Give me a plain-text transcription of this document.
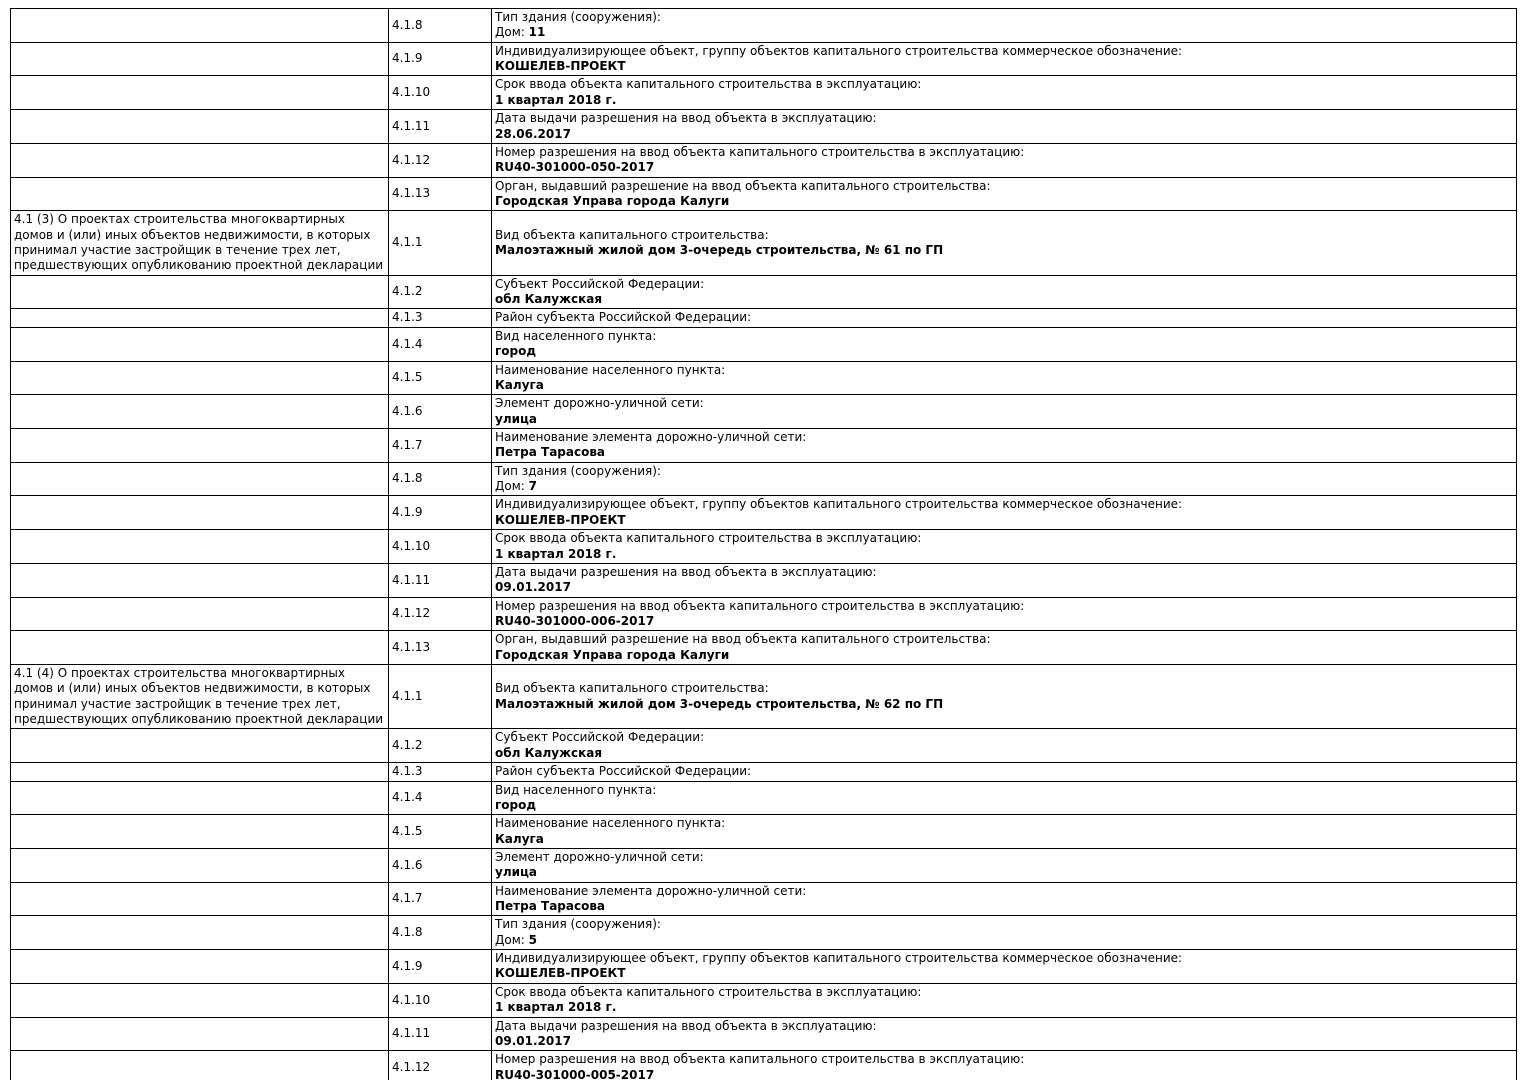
	4.1.8	Тип здания (сооружения):
Дом: 11

	4.1.9	Индивидуализирующее объект, группу объектов капитального строительства коммерческое обозначение:
КОШЕЛЕВ-ПРОЕКТ

	4.1.10	Срок ввода объекта капитального строительства в эксплуатацию:
1 квартал 2018 г.

	4.1.11	Дата выдачи разрешения на ввод объекта в эксплуатацию:
28.06.2017

	4.1.12	Номер разрешения на ввод объекта капитального строительства в эксплуатацию:
RU40-301000-050-2017

	4.1.13	Орган, выдавший разрешение на ввод объекта капитального строительства:
Городская Управа города Калуги

4.1 (3) О проектах строительства многоквартирных домов и (или) иных объектов недвижимости, в которых принимал участие застройщик в течение трех лет, предшествующих опубликованию проектной декларации	4.1.1	Вид объекта капитального строительства:
Малоэтажный жилой дом 3-очередь строительства, № 61 по ГП

	4.1.2	Субъект Российской Федерации:
обл Калужская

	4.1.3	Район субъекта Российской Федерации:

	4.1.4	Вид населенного пункта:
город

	4.1.5	Наименование населенного пункта:
Калуга

	4.1.6	Элемент дорожно-уличной сети:
улица

	4.1.7	Наименование элемента дорожно-уличной сети:
Петра Тарасова

	4.1.8	Тип здания (сооружения):
Дом: 7

	4.1.9	Индивидуализирующее объект, группу объектов капитального строительства коммерческое обозначение:
КОШЕЛЕВ-ПРОЕКТ

	4.1.10	Срок ввода объекта капитального строительства в эксплуатацию:
1 квартал 2018 г.

	4.1.11	Дата выдачи разрешения на ввод объекта в эксплуатацию:
09.01.2017

	4.1.12	Номер разрешения на ввод объекта капитального строительства в эксплуатацию:
RU40-301000-006-2017

	4.1.13	Орган, выдавший разрешение на ввод объекта капитального строительства:
Городская Управа города Калуги

4.1 (4) О проектах строительства многоквартирных домов и (или) иных объектов недвижимости, в которых принимал участие застройщик в течение трех лет, предшествующих опубликованию проектной декларации	4.1.1	Вид объекта капитального строительства:
Малоэтажный жилой дом 3-очередь строительства, № 62 по ГП

	4.1.2	Субъект Российской Федерации:
обл Калужская

	4.1.3	Район субъекта Российской Федерации:

	4.1.4	Вид населенного пункта:
город

	4.1.5	Наименование населенного пункта:
Калуга

	4.1.6	Элемент дорожно-уличной сети:
улица

	4.1.7	Наименование элемента дорожно-уличной сети:
Петра Тарасова

	4.1.8	Тип здания (сооружения):
Дом: 5

	4.1.9	Индивидуализирующее объект, группу объектов капитального строительства коммерческое обозначение:
КОШЕЛЕВ-ПРОЕКТ

	4.1.10	Срок ввода объекта капитального строительства в эксплуатацию:
1 квартал 2018 г.

	4.1.11	Дата выдачи разрешения на ввод объекта в эксплуатацию:
09.01.2017

	4.1.12	Номер разрешения на ввод объекта капитального строительства в эксплуатацию:
RU40-301000-005-2017
